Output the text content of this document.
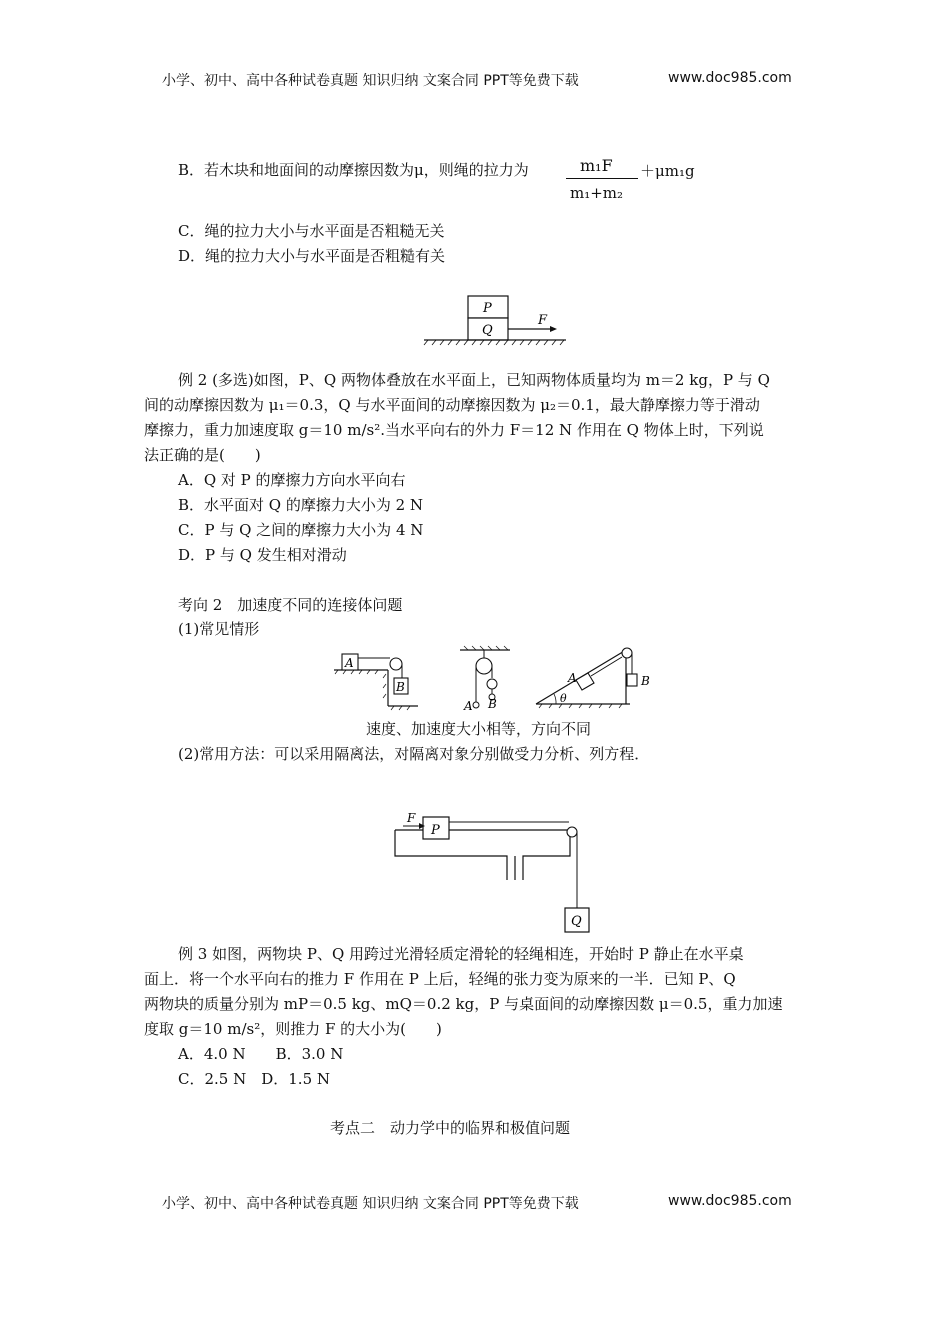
小学、初中、高中各种试卷真题 知识归纳 文案合同 PPT等免费下载	www.doc985.com
B．若木块和地面间的动摩擦因数为μ，则绳的拉力为	m₁F
m₁+m₂
＋μm₁g
C．绳的拉力大小与水平面是否粗糙无关
D．绳的拉力大小与水平面是否粗糙有关
P
Q
F
例 2 (多选)如图，P、Q 两物体叠放在水平面上，已知两物体质量均为 m＝2 kg，P 与 Q
间的动摩擦因数为 μ₁＝0.3，Q 与水平面间的动摩擦因数为 μ₂＝0.1，最大静摩擦力等于滑动
摩擦力，重力加速度取 g＝10 m/s².当水平向右的外力 F＝12 N 作用在 Q 物体上时，下列说
法正确的是(　　)
A．Q 对 P 的摩擦力方向水平向右
B．水平面对 Q 的摩擦力大小为 2 N
C．P 与 Q 之间的摩擦力大小为 4 N
D．P 与 Q 发生相对滑动
考向 2　加速度不同的连接体问题
(1)常见情形
A
B
A B
A	B
θ
速度、加速度大小相等，方向不同
(2)常用方法：可以采用隔离法，对隔离对象分别做受力分析、列方程．
F
P
Q
例 3 如图，两物块 P、Q 用跨过光滑轻质定滑轮的轻绳相连，开始时 P 静止在水平桌
面上．将一个水平向右的推力 F 作用在 P 上后，轻绳的张力变为原来的一半．已知 P、Q
两物块的质量分别为 mP＝0.5 kg、mQ＝0.2 kg，P 与桌面间的动摩擦因数 μ＝0.5，重力加速
度取 g＝10 m/s²，则推力 F 的大小为(　　)
A．4.0 N　　B．3.0 N
C．2.5 N　D．1.5 N
考点二　动力学中的临界和极值问题
小学、初中、高中各种试卷真题 知识归纳 文案合同 PPT等免费下载	www.doc985.com
